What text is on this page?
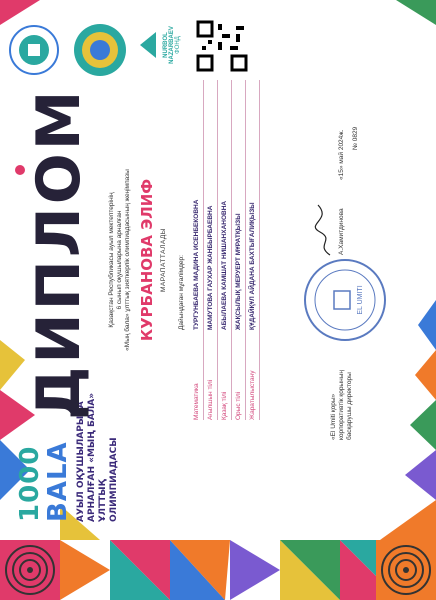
1000
BALA АУЫЛ ОҚУШЫЛАРЫНА АРНАЛҒАН «МЫҢ БАЛА» ҰЛТТЫҚ ОЛИМПИАДАСЫ
ДИПЛОМ Қазақстан Республикасы ауыл мектептерінің 6 сынып оқушыларына арналған «Мың бала» ұлттық зияткерлік олимпиадасының жеңімпазы КУРБАНОВА ЭЛИФ МАРАПАТТАЛАДЫ Дайындаған мұғалімдер:
Математика
ТУРГУНБАЕВА МАДИНА ИСЕНБЕКОВНА
Ағылшын тілі
МАМУТОВА ГАУХАР ЖАНБЫРБАЕВНА
Қазақ тілі
АБЫЛАЕВА КАМШАТ НИШАНХАНОВНА
Орыс тілі
ЖАҚСЫЛЫҚ МЕРУЕРТ МҰРАТҚЫЗЫ
Жаратылыстану
ҚҰДАЙҚҰЛ АЙДАНА БАХТЫҒАЛИҚЫЗЫ
«El Umiti қоры» корпоративтік қорының басқарушы директоры
EL UMITI
А.Хамитдинова
«15» май 2024ж. № 0829
NURBOL NAZARBAEV ФОНД
